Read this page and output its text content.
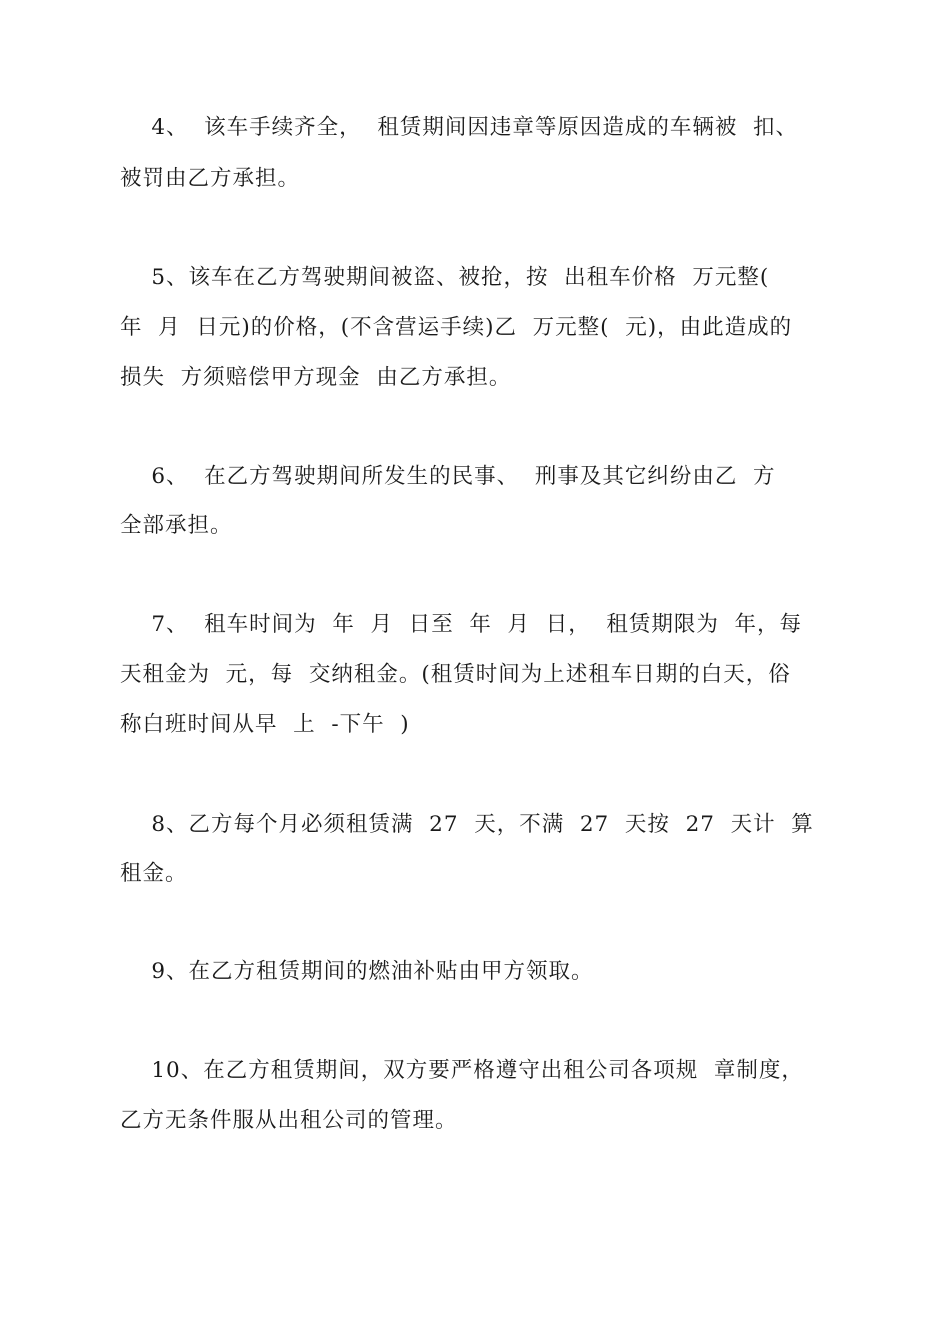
4、  该车手续齐全，  租赁期间因违章等原因造成的车辆被  扣、
被罚由乙方承担。
5、该车在乙方驾驶期间被盗、被抢，按  出租车价格  万元整(
年  月  日元)的价格，(不含营运手续)乙  万元整(  元)，由此造成的
损失  方须赔偿甲方现金  由乙方承担。
6、  在乙方驾驶期间所发生的民事、  刑事及其它纠纷由乙  方
全部承担。
7、  租车时间为  年  月  日至  年  月  日，  租赁期限为  年，每
天租金为  元，每  交纳租金。(租赁时间为上述租车日期的白天，俗
称白班时间从早  上  -下午  )
8、乙方每个月必须租赁满  27  天，不满  27  天按  27  天计  算
租金。
9、在乙方租赁期间的燃油补贴由甲方领取。
10、在乙方租赁期间，双方要严格遵守出租公司各项规  章制度，
乙方无条件服从出租公司的管理。
